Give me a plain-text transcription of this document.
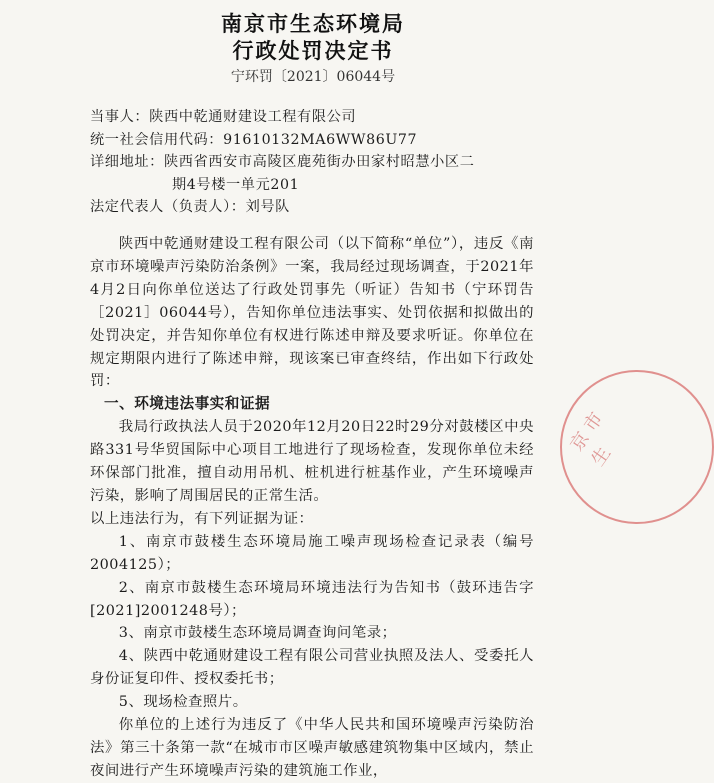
南京市生态环境局
行政处罚决定书
宁环罚〔2021〕06044号
当事人：陕西中乾通财建设工程有限公司
统一社会信用代码：91610132MA6WW86U77
详细地址：陕西省西安市高陵区鹿苑街办田家村昭慧小区二
期4号楼一单元201
法定代表人（负责人）：刘号队

陕西中乾通财建设工程有限公司（以下简称“单位”），违反《南京市环境噪声污染防治条例》一案，我局经过现场调查，于2021年4月2日向你单位送达了行政处罚事先（听证）告知书（宁环罚告［2021］06044号），告知你单位违法事实、处罚依据和拟做出的处罚决定，并告知你单位有权进行陈述申辩及要求听证。你单位在规定期限内进行了陈述申辩，现该案已审查终结，作出如下行政处罚：

一、环境违法事实和证据

我局行政执法人员于2020年12月20日22时29分对鼓楼区中央路331号华贸国际中心项目工地进行了现场检查，发现你单位未经环保部门批准，擅自动用吊机、桩机进行桩基作业，产生环境噪声污染，影响了周围居民的正常生活。

以上违法行为，有下列证据为证：

1、南京市鼓楼生态环境局施工噪声现场检查记录表（编号2004125）；

2、南京市鼓楼生态环境局环境违法行为告知书（鼓环违告字[2021]2001248号）；

3、南京市鼓楼生态环境局调查询问笔录；

4、陕西中乾通财建设工程有限公司营业执照及法人、受委托人身份证复印件、授权委托书；

5、现场检查照片。

你单位的上述行为违反了《中华人民共和国环境噪声污染防治法》第三十条第一款“在城市市区噪声敏感建筑物集中区域内，禁止夜间进行产生环境噪声污染的建筑施工作业，

京市生
